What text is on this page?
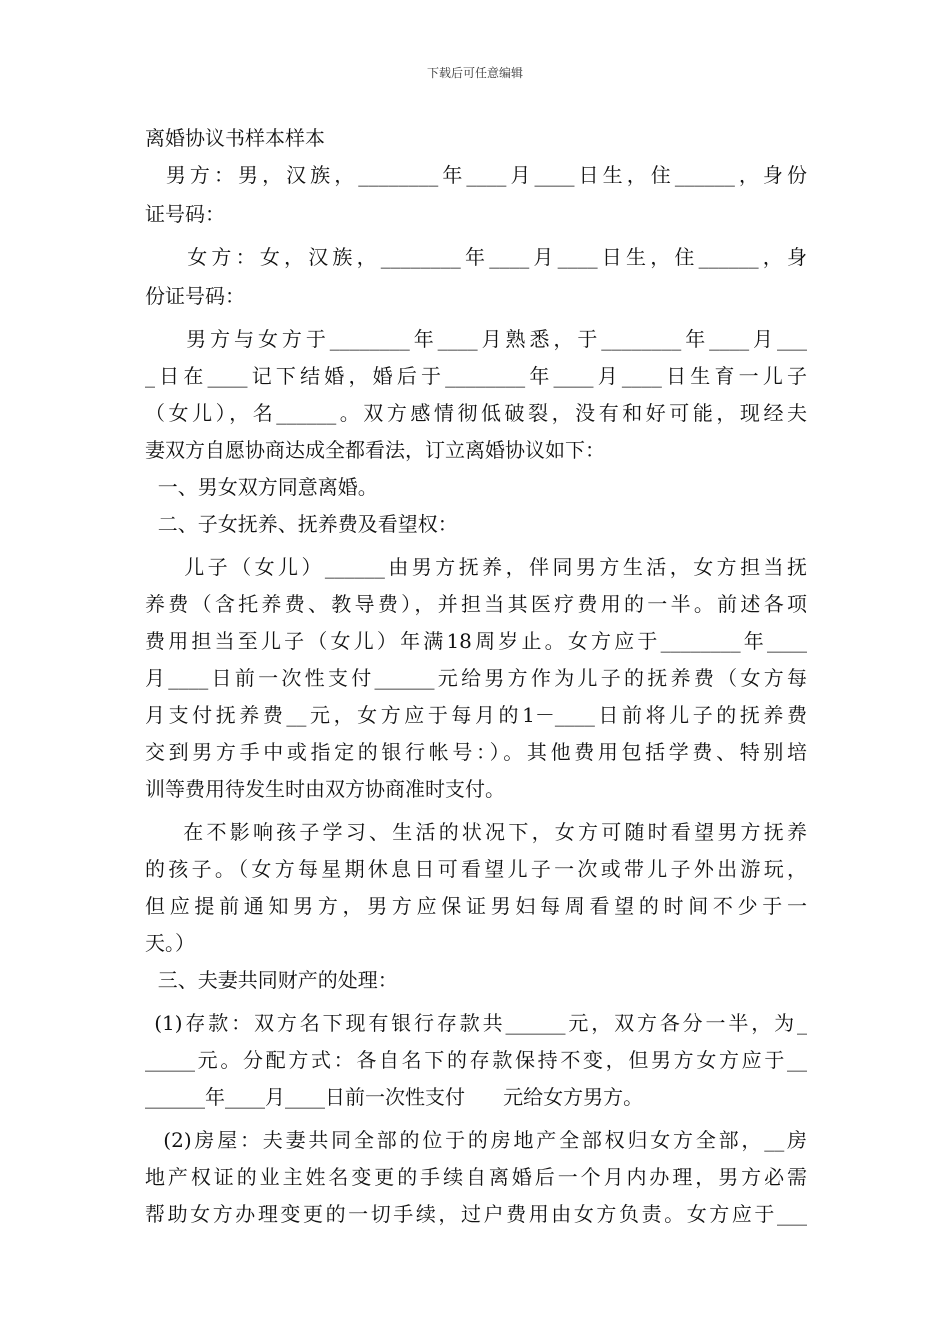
下载后可任意编辑
离婚协议书样本样本
男方：男，汉族，________年____月____日生，住______，身份
证号码：
女方：女，汉族，________年____月____日生，住______，身
份证号码：
男方与女方于________年____月熟悉，于________年____月___
_日在____记下结婚，婚后于________年____月____日生育一儿子
（女儿），名______。双方感情彻低破裂，没有和好可能，现经夫
妻双方自愿协商达成全都看法，订立离婚协议如下：
一、男女双方同意离婚。
二、子女抚养、抚养费及看望权：
儿子（女儿）______由男方抚养，伴同男方生活，女方担当抚
养费（含托养费、教导费），并担当其医疗费用的一半。前述各项
费用担当至儿子（女儿）年满18周岁止。女方应于________年____
月____日前一次性支付______元给男方作为儿子的抚养费（女方每
月支付抚养费__元，女方应于每月的1－____日前将儿子的抚养费
交到男方手中或指定的银行帐号：）。其他费用包括学费、特别培
训等费用待发生时由双方协商准时支付。
在不影响孩子学习、生活的状况下，女方可随时看望男方抚养
的孩子。（女方每星期休息日可看望儿子一次或带儿子外出游玩，
但应提前通知男方，男方应保证男妇每周看望的时间不少于一
天。）
三、夫妻共同财产的处理：
(1)存款：双方名下现有银行存款共______元，双方各分一半，为_
_____元。分配方式：各自名下的存款保持不变，但男方女方应于__
______年____月____日前一次性支付      元给女方男方。
(2)房屋：夫妻共同全部的位于的房地产全部权归女方全部，__房
地产权证的业主姓名变更的手续自离婚后一个月内办理，男方必需
帮助女方办理变更的一切手续，过户费用由女方负责。女方应于___
